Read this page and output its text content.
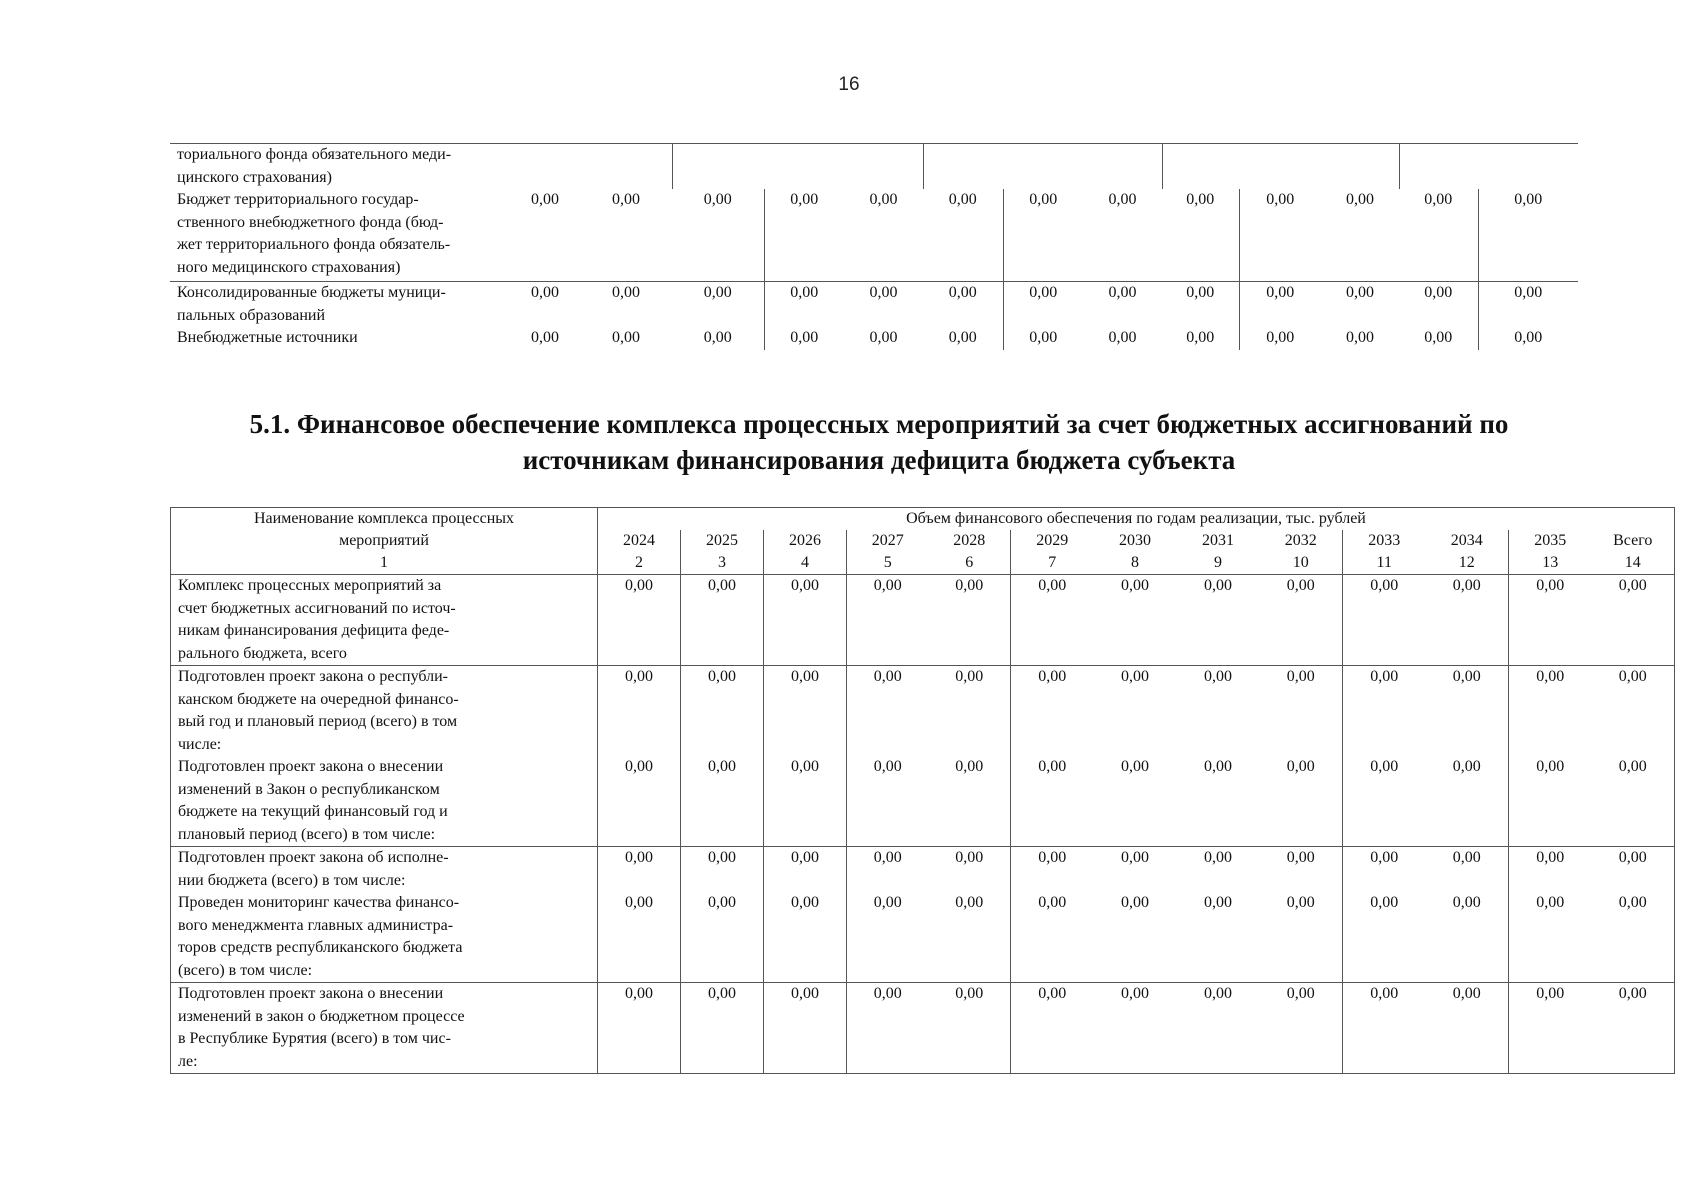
16
ториального фонда обязательного меди-
цинского страхования)													

Бюджет территориального государ-
ственного внебюджетного фонда (бюд-
жет территориального фонда обязатель-
ного медицинского страхования)	0,00	0,00	0,00	0,00	0,00	0,00	0,00	0,00	0,00	0,00	0,00	0,00	0,00

Консолидированные бюджеты муници-
пальных образований	0,00	0,00	0,00	0,00	0,00	0,00	0,00	0,00	0,00	0,00	0,00	0,00	0,00

Внебюджетные источники	0,00	0,00	0,00	0,00	0,00	0,00	0,00	0,00	0,00	0,00	0,00	0,00	0,00
5.1. Финансовое обеспечение комплекса процессных мероприятий за счет бюджетных ассигнований по
источникам финансирования дефицита бюджета субъекта
Наименование комплекса процессных
мероприятий
1	Объем финансового обеспечения по годам реализации, тыс. рублей												
	2024	2025	2026	2027	2028	2029	2030	2031	2032	2033	2034	2035	Всего
	2	3	4	5	6	7	8	9	10	11	12	13	14

Комплекс процессных мероприятий за
счет бюджетных ассигнований по источ-
никам финансирования дефицита феде-
рального бюджета, всего	0,00	0,00	0,00	0,00	0,00	0,00	0,00	0,00	0,00	0,00	0,00	0,00	0,00

Подготовлен проект закона о республи-
канском бюджете на очередной финансо-
вый год и плановый период (всего) в том
числе:	0,00	0,00	0,00	0,00	0,00	0,00	0,00	0,00	0,00	0,00	0,00	0,00	0,00

Подготовлен проект закона о внесении
изменений в Закон о республиканском
бюджете на текущий финансовый год и
плановый период (всего) в том числе:	0,00	0,00	0,00	0,00	0,00	0,00	0,00	0,00	0,00	0,00	0,00	0,00	0,00

Подготовлен проект закона об исполне-
нии бюджета (всего) в том числе:	0,00	0,00	0,00	0,00	0,00	0,00	0,00	0,00	0,00	0,00	0,00	0,00	0,00

Проведен мониторинг качества финансо-
вого менеджмента главных администра-
торов средств республиканского бюджета
(всего) в том числе:	0,00	0,00	0,00	0,00	0,00	0,00	0,00	0,00	0,00	0,00	0,00	0,00	0,00

Подготовлен проект закона о внесении
изменений в закон о бюджетном процессе
в Республике Бурятия (всего) в том чис-
ле:	0,00	0,00	0,00	0,00	0,00	0,00	0,00	0,00	0,00	0,00	0,00	0,00	0,00
